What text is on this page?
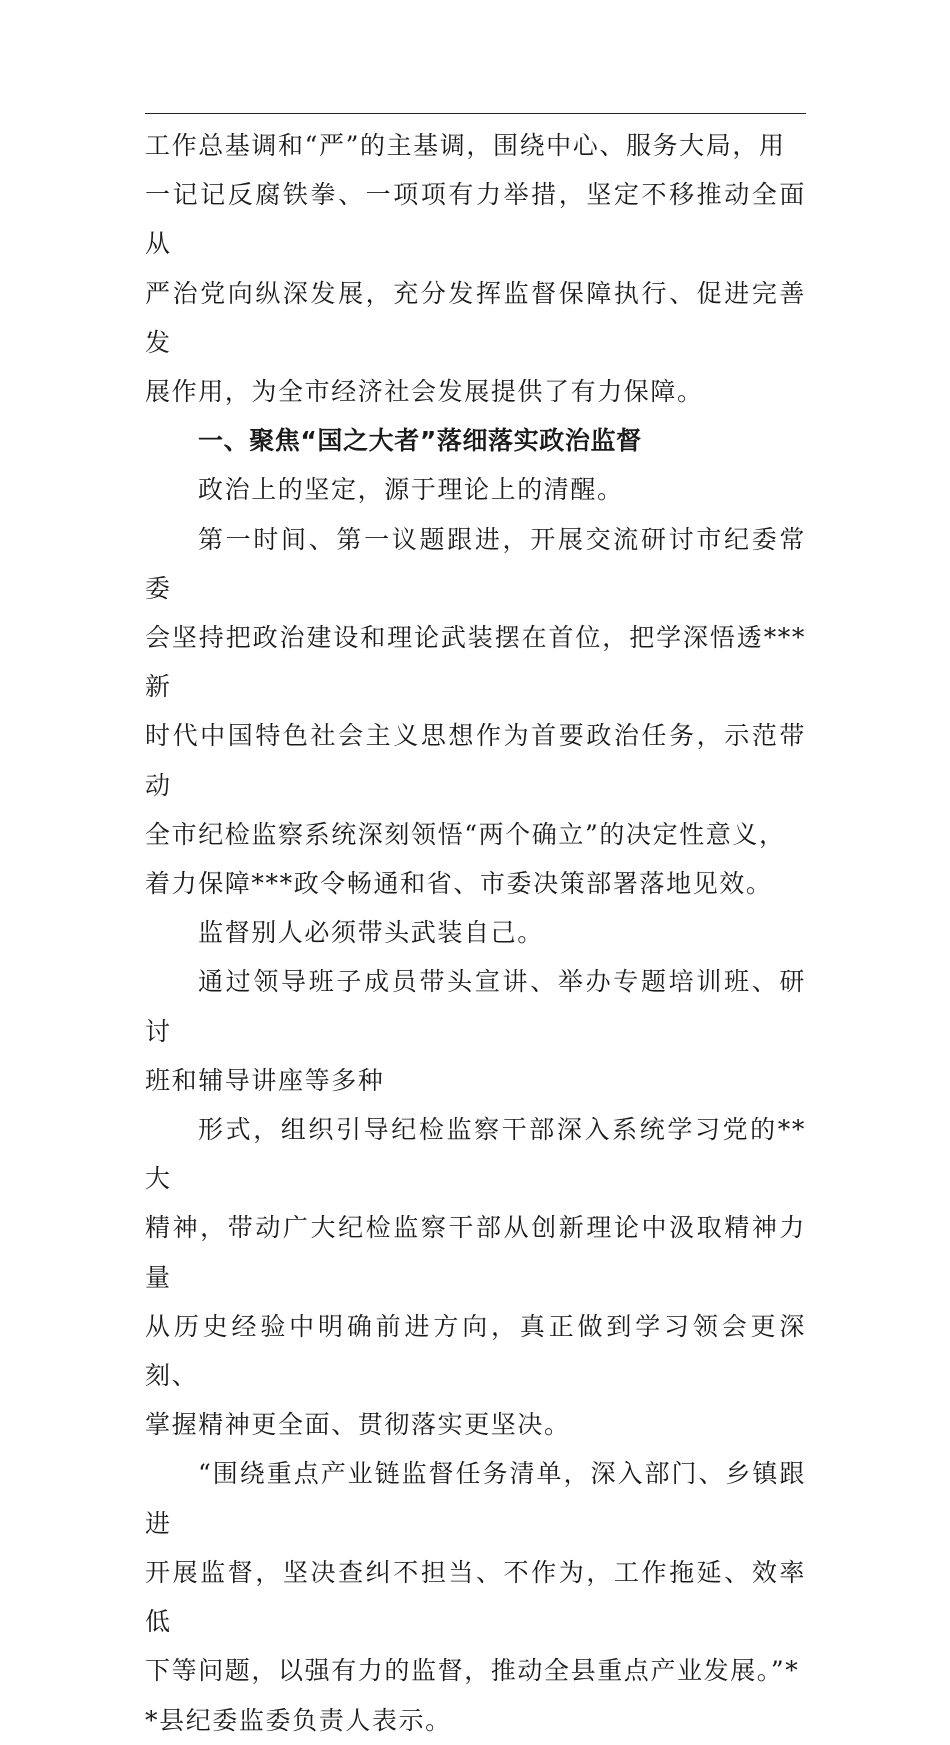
工作总基调和“严”的主基调，围绕中心、服务大局，用
一记记反腐铁拳、一项项有力举措，坚定不移推动全面从
严治党向纵深发展，充分发挥监督保障执行、促进完善发
展作用，为全市经济社会发展提供了有力保障。

一、聚焦“国之大者”落细落实政治监督

政治上的坚定，源于理论上的清醒。

第一时间、第一议题跟进，开展交流研讨市纪委常委
会坚持把政治建设和理论武装摆在首位，把学深悟透***新
时代中国特色社会主义思想作为首要政治任务，示范带动
全市纪检监察系统深刻领悟“两个确立”的决定性意义，
着力保障***政令畅通和省、市委决策部署落地见效。

监督别人必须带头武装自己。

通过领导班子成员带头宣讲、举办专题培训班、研讨
班和辅导讲座等多种

形式，组织引导纪检监察干部深入系统学习党的**大
精神，带动广大纪检监察干部从创新理论中汲取精神力量
从历史经验中明确前进方向，真正做到学习领会更深刻、
掌握精神更全面、贯彻落实更坚决。

“围绕重点产业链监督任务清单，深入部门、乡镇跟进
开展监督，坚决查纠不担当、不作为，工作拖延、效率低
下等问题，以强有力的监督，推动全县重点产业发展。”*
*县纪委监委负责人表示。
